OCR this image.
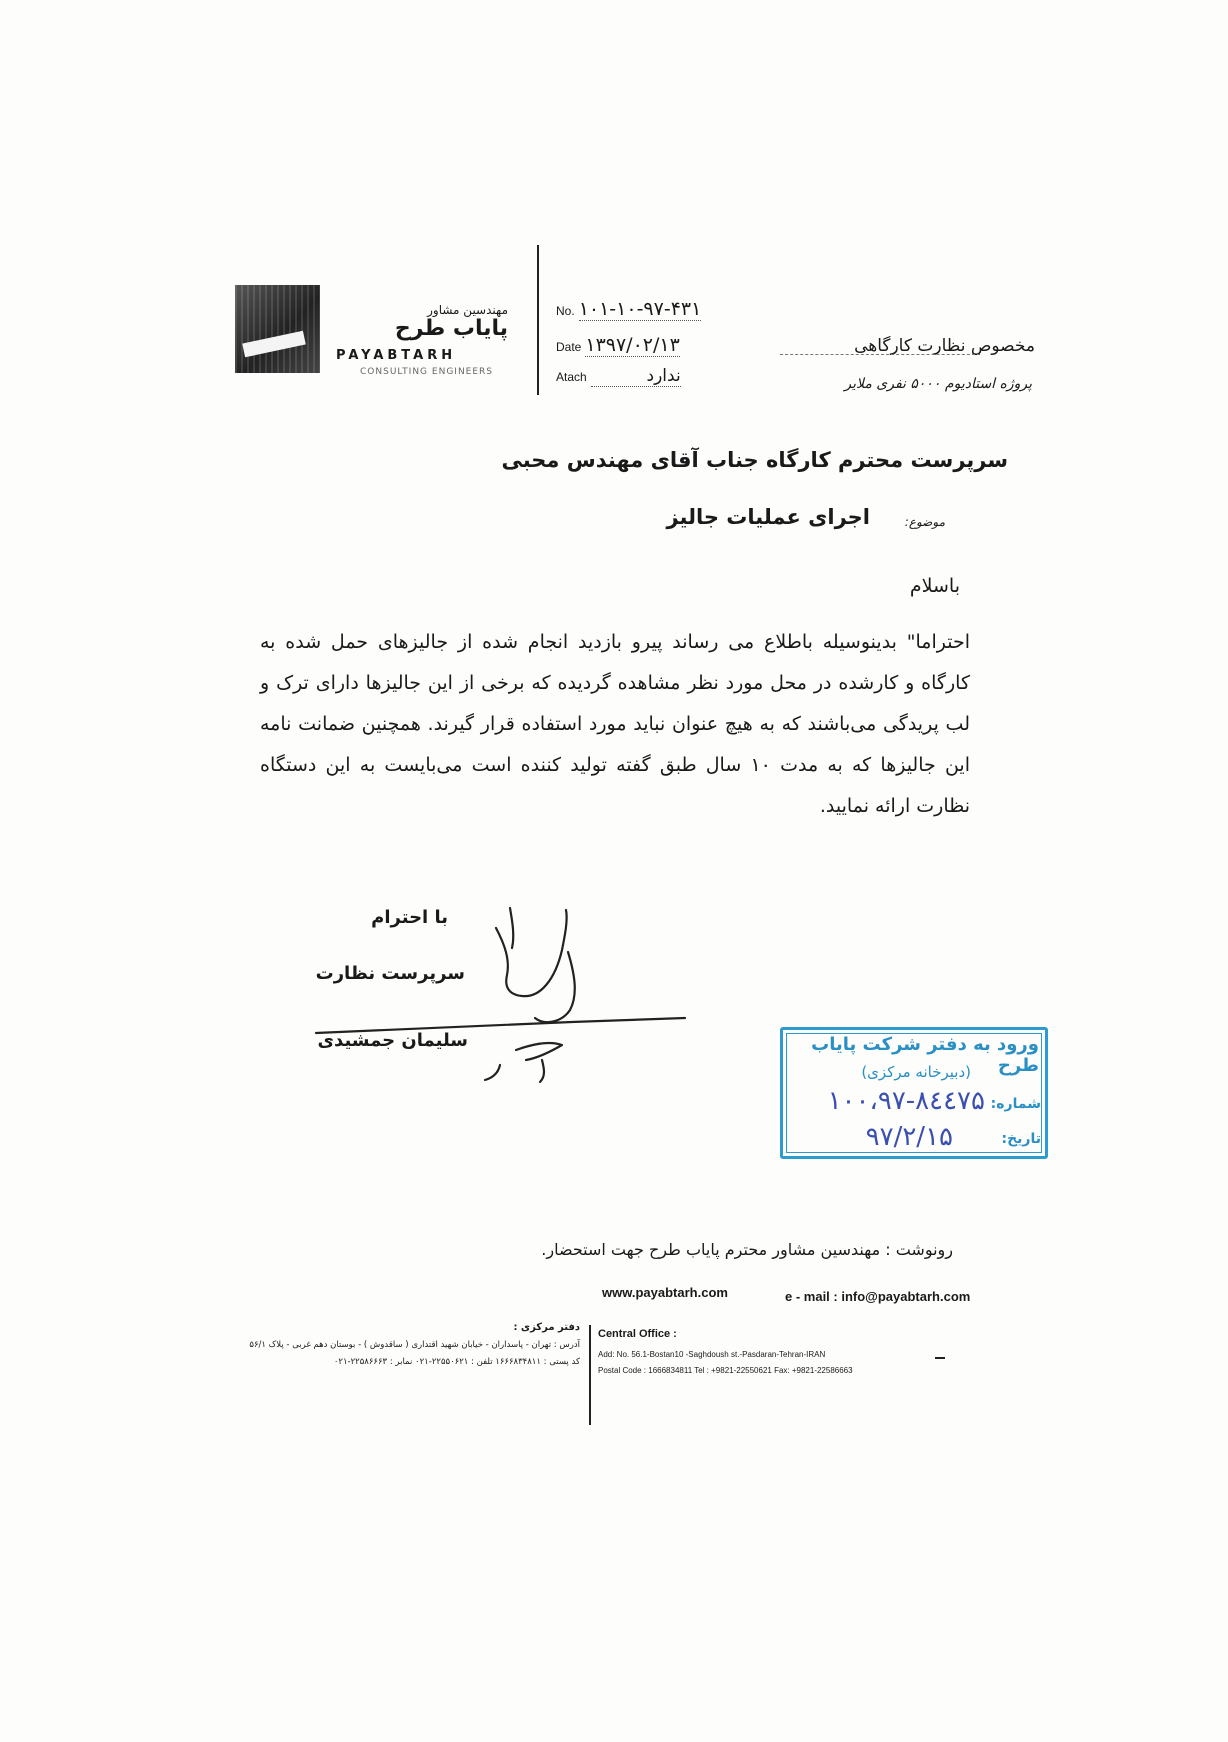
مهندسین مشاور
پایاب طرح
PAYABTARH
CONSULTING ENGINEERS
No. ۱۰۱-۱۰-۹۷-۴۳۱
Date ۱۳۹۷/۰۲/۱۳
Atach	ندارد
مخصوص نظارت کارگاهی
پروژه استادیوم ۵۰۰۰ نفری ملایر
سرپرست محترم کارگاه جناب آقای مهندس محبی
موضوع:
اجرای عملیات جالیز
باسلام
احتراما" بدینوسیله باطلاع می رساند پیرو بازدید انجام شده از جالیزهای حمل شده به کارگاه و کارشده در محل مورد نظر مشاهده گردیده که برخی از این جالیزها دارای ترک و لب پریدگی می‌باشند که به هیچ عنوان نباید مورد استفاده قرار گیرند. همچنین ضمانت نامه این جالیزها که به مدت ۱۰ سال طبق گفته تولید کننده است می‌بایست به این دستگاه نظارت ارائه نمایید.
با احترام
سرپرست نظارت
سلیمان جمشیدی	ورود به دفتر شرکت پایاب طرح
(دبیرخانه مرکزی)
شماره:
۱۰۰،۹۷-۸٤٤٧۵
تاریخ:
۹۷/۲/۱۵
رونوشت : مهندسین مشاور محترم پایاب طرح جهت استحضار.
www.payabtarh.com	e - mail : info@payabtarh.com
Central Office :
Add: No. 56.1-Bostan10 -Saghdoush st.-Pasdaran-Tehran-IRAN
Postal Code : 1666834811 Tel : +9821-22550621 Fax: +9821-22586663
دفتر مرکزی :
آدرس : تهران - پاسداران - خیابان شهید اقتداری ( ساقدوش ) - بوستان دهم غربی - پلاک ۵۶/۱
کد پستی : ۱۶۶۶۸۳۴۸۱۱ تلفن : ۲۲۵۵۰۶۲۱-۰۲۱ نمابر : ۲۲۵۸۶۶۶۳-۰۲۱
